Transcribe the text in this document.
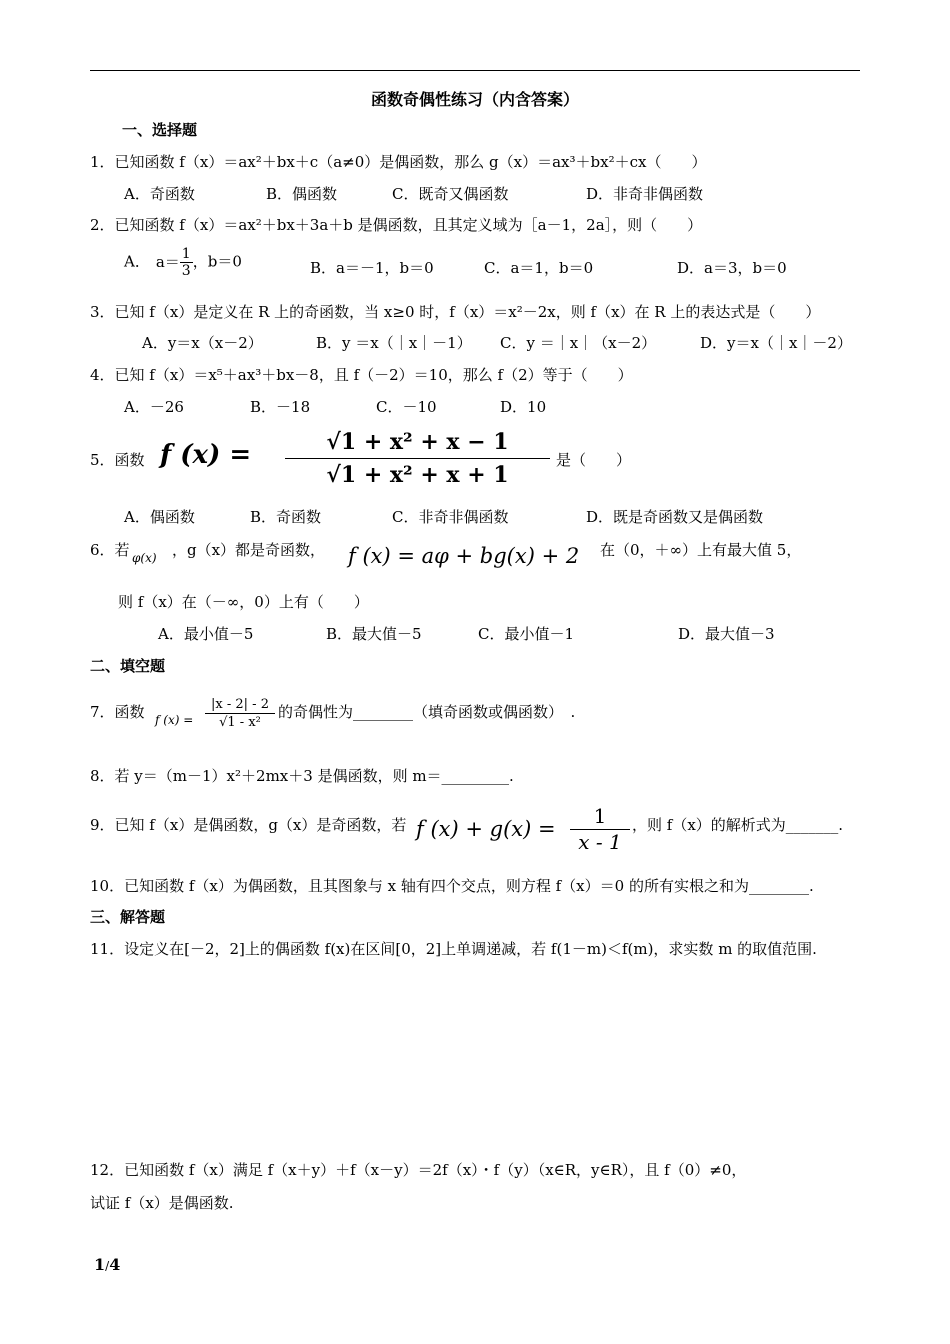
函数奇偶性练习（内含答案）
一、选择题
1．已知函数 f（x）＝ax²＋bx＋c（a≠0）是偶函数，那么 g（x）＝ax³＋bx²＋cx（　　）
A．奇函数	B．偶函数	C．既奇又偶函数	D．非奇非偶函数
2．已知函数 f（x）＝ax²＋bx＋3a＋b 是偶函数，且其定义域为［a－1，2a］，则（　　）
A． $a= \frac{1}{3}$ ，b＝0	B．a＝－1，b＝0	C．a＝1，b＝0	D．a＝3，b＝0
3．已知 f（x）是定义在 R 上的奇函数，当 x≥0 时，f（x）＝x²－2x，则 f（x）在 R 上的表达式是（　　）
A．y＝x（x－2）	B．y ＝x（｜x｜－1） C．y ＝｜x｜（x－2）	D．y＝x（｜x｜－2）
4．已知 f（x）＝x⁵＋ax³＋bx－8，且 f（－2）＝10，那么 f（2）等于（　　）
A．－26	B．－18	C．－10	D．10
5．函数 f $(x) = \frac{\text{√1 + x² + x − 1}}{\text{√1 + x² + x + 1}}$ 是（　　）
A．偶函数	B．奇函数	C．非奇非偶函数	D．既是奇函数又是偶函数
6．若 φ(x) ，g（x）都是奇函数， f (x) = aφ + bg(x) + 2 在（0，＋∞）上有最大值 5，
则 f（x）在（－∞，0）上有（　　）
A．最小值－5	B．最大值－5	C．最小值－1	D．最大值－3
二、填空题
7．函数 f $(x) = \frac{|x - 2| - 2}{\text{√1 - x²}}$ 的奇偶性为________（填奇函数或偶函数）　.
8．若 y＝（m－1）x²＋2mx＋3 是偶函数，则 m＝_________.
9．已知 f（x）是偶函数，g（x）是奇函数，若 f $(x) + g(x) = \frac{1}{x - 1}$ ，则 f（x）的解析式为_______.
10．已知函数 f（x）为偶函数，且其图象与 x 轴有四个交点，则方程 f（x）＝0 的所有实根之和为________.
三、解答题
11．设定义在[－2，2]上的偶函数 f(x)在区间[0，2]上单调递减，若 f(1－m)＜f(m)，求实数 m 的取值范围.
12．已知函数 f（x）满足 f（x＋y）＋f（x－y）＝2f（x）・f（y）（x∈R，y∈R），且 f（0）≠0，
试证 f（x）是偶函数.
1/4
